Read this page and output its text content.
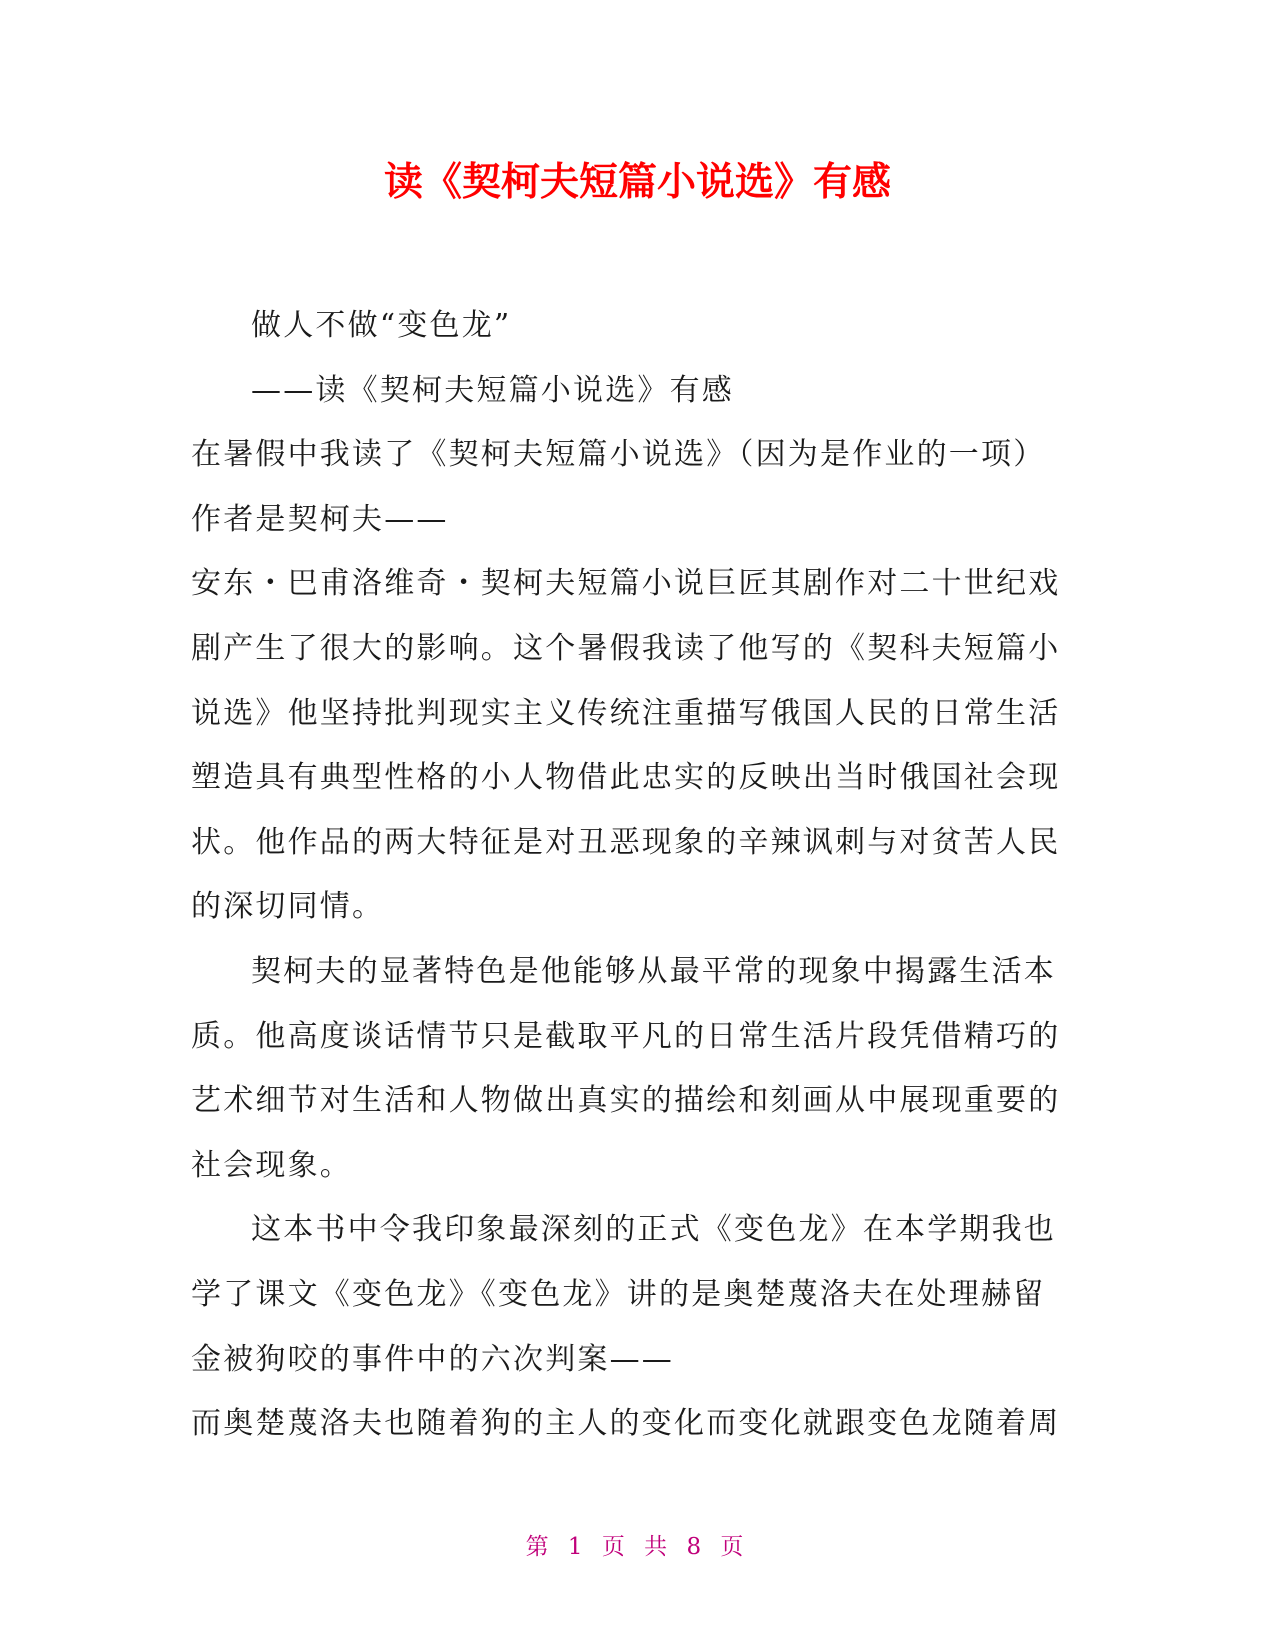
读《契柯夫短篇小说选》有感

做人不做“变色龙”

——读《契柯夫短篇小说选》有感

在暑假中我读了《契柯夫短篇小说选》（因为是作业的一项）

作者是契柯夫——

安东・巴甫洛维奇・契柯夫短篇小说巨匠其剧作对二十世纪戏

剧产生了很大的影响。这个暑假我读了他写的《契科夫短篇小

说选》他坚持批判现实主义传统注重描写俄国人民的日常生活

塑造具有典型性格的小人物借此忠实的反映出当时俄国社会现

状。他作品的两大特征是对丑恶现象的辛辣讽刺与对贫苦人民

的深切同情。

契柯夫的显著特色是他能够从最平常的现象中揭露生活本

质。他高度谈话情节只是截取平凡的日常生活片段凭借精巧的

艺术细节对生活和人物做出真实的描绘和刻画从中展现重要的

社会现象。

这本书中令我印象最深刻的正式《变色龙》在本学期我也

学了课文《变色龙》《变色龙》讲的是奥楚蔑洛夫在处理赫留

金被狗咬的事件中的六次判案——

而奥楚蔑洛夫也随着狗的主人的变化而变化就跟变色龙随着周

第 1 页 共 8 页
